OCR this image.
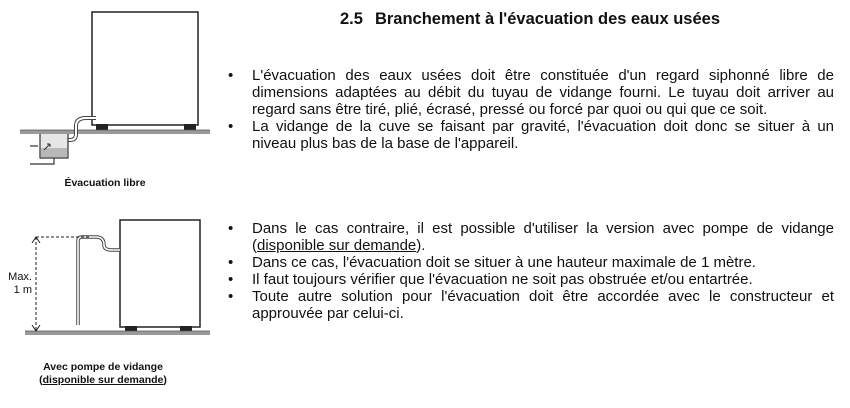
Évacuation libre
Max.
1 m
Avec pompe de vidange
(disponible sur demande)
2.5 Branchement à l'évacuation des eaux usées
• L'évacuation des eaux usées doit être constituée d'un regard siphonné libre de dimensions adaptées au débit du tuyau de vidange fourni. Le tuyau doit arriver au regard sans être tiré, plié, écrasé, pressé ou forcé par quoi ou qui que ce soit.
• La vidange de la cuve se faisant par gravité, l'évacuation doit donc se situer à un niveau plus bas de la base de l'appareil.
• Dans le cas contraire, il est possible d'utiliser la version avec pompe de vidange (disponible sur demande).
• Dans ce cas, l'évacuation doit se situer à une hauteur maximale de 1 mètre.
• Il faut toujours vérifier que l'évacuation ne soit pas obstruée et/ou entartrée.
• Toute autre solution pour l'évacuation doit être accordée avec le constructeur et approuvée par celui-ci.
